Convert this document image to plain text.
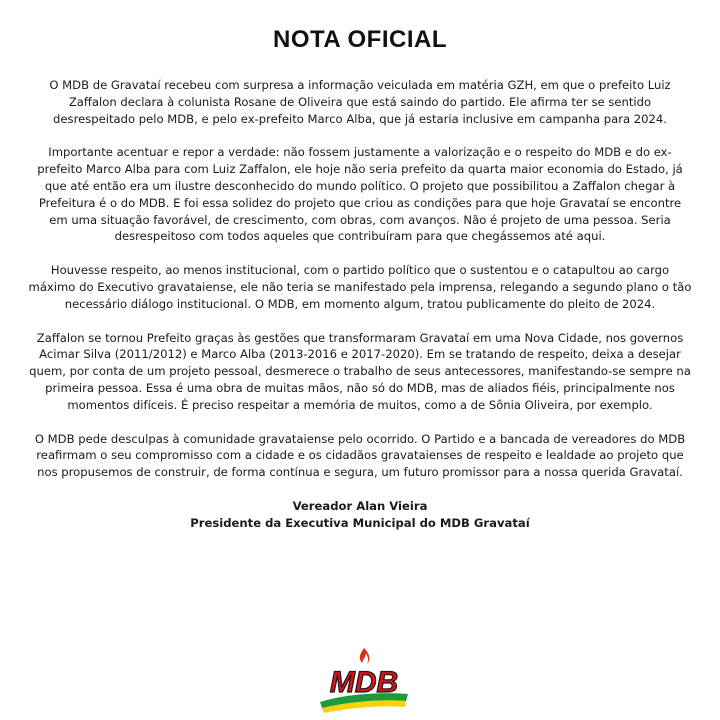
NOTA OFICIAL

O MDB de Gravataí recebeu com surpresa a informação veiculada em matéria GZH, em que o prefeito Luiz Zaffalon declara à colunista Rosane de Oliveira que está saindo do partido. Ele afirma ter se sentido desrespeitado pelo MDB, e pelo ex-prefeito Marco Alba, que já estaria inclusive em campanha para 2024.

Importante acentuar e repor a verdade: não fossem justamente a valorização e o respeito do MDB e do ex-prefeito Marco Alba para com Luiz Zaffalon, ele hoje não seria prefeito da quarta maior economia do Estado, já que até então era um ilustre desconhecido do mundo político. O projeto que possibilitou a Zaffalon chegar à Prefeitura é o do MDB. E foi essa solidez do projeto que criou as condições para que hoje Gravataí se encontre em uma situação favorável, de crescimento, com obras, com avanços. Não é projeto de uma pessoa. Seria desrespeitoso com todos aqueles que contribuíram para que chegássemos até aqui.

Houvesse respeito, ao menos institucional, com o partido político que o sustentou e o catapultou ao cargo máximo do Executivo gravataiense, ele não teria se manifestado pela imprensa, relegando a segundo plano o tão necessário diálogo institucional. O MDB, em momento algum, tratou publicamente do pleito de 2024.

Zaffalon se tornou Prefeito graças às gestões que transformaram Gravataí em uma Nova Cidade, nos governos Acimar Silva (2011/2012) e Marco Alba (2013-2016 e 2017-2020). Em se tratando de respeito, deixa a desejar quem, por conta de um projeto pessoal, desmerece o trabalho de seus antecessores, manifestando-se sempre na primeira pessoa. Essa é uma obra de muitas mãos, não só do MDB, mas de aliados fiéis, principalmente nos momentos difíceis. É preciso respeitar a memória de muitos, como a de Sônia Oliveira, por exemplo.

O MDB pede desculpas à comunidade gravataiense pelo ocorrido. O Partido e a bancada de vereadores do MDB reafirmam o seu compromisso com a cidade e os cidadãos gravataienses de respeito e lealdade ao projeto que nos propusemos de construir, de forma contínua e segura, um futuro promissor para a nossa querida Gravataí.

Vereador Alan Vieira
Presidente da Executiva Municipal do MDB Gravataí
MDB
